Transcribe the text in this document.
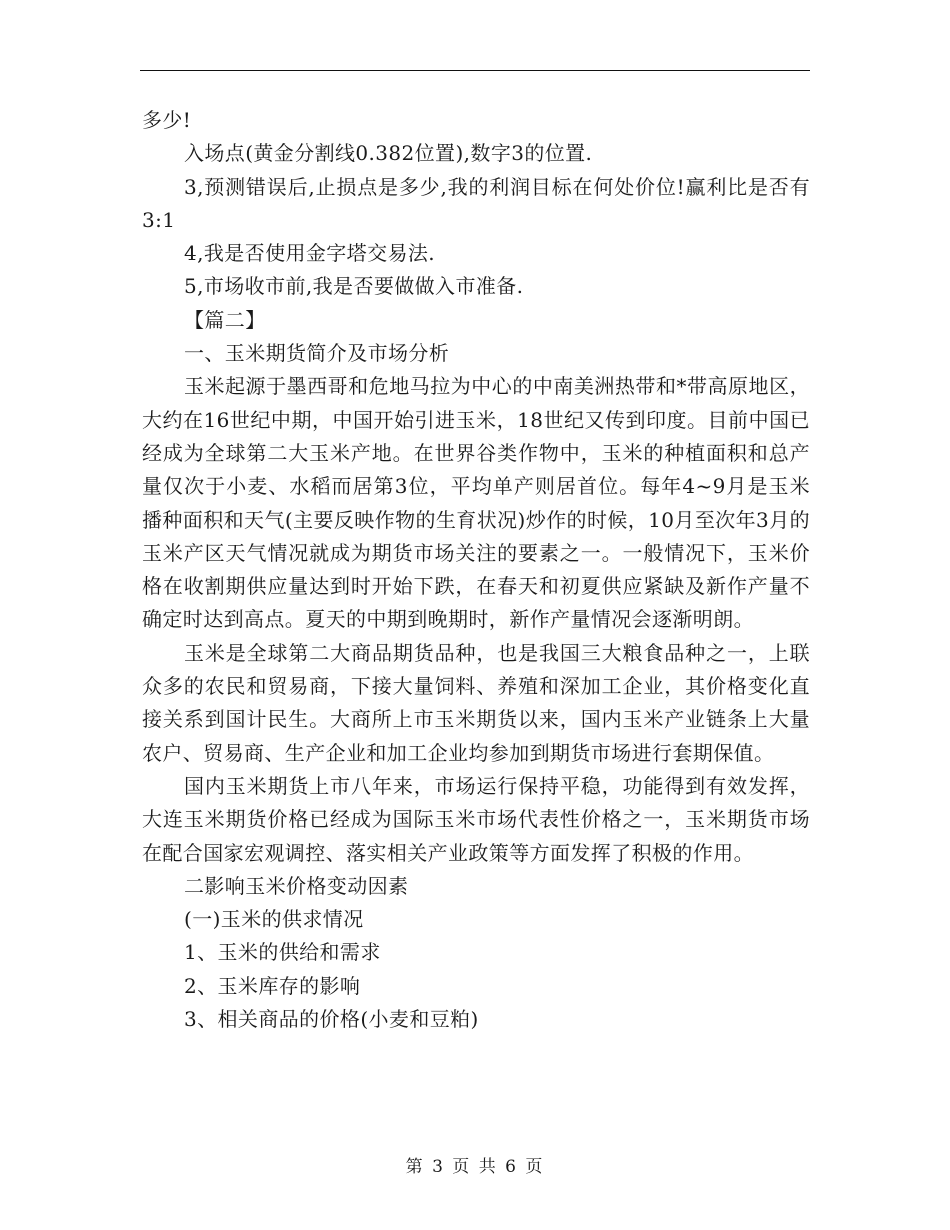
多少!

入场点(黄金分割线0.382位置),数字3的位置.

3,预测错误后,止损点是多少,我的利润目标在何处价位!赢利比是否有3:1

4,我是否使用金字塔交易法.

5,市场收市前,我是否要做做入市准备.

【篇二】

一、玉米期货简介及市场分析

玉米起源于墨西哥和危地马拉为中心的中南美洲热带和*带高原地区，大约在16世纪中期，中国开始引进玉米，18世纪又传到印度。目前中国已经成为全球第二大玉米产地。在世界谷类作物中，玉米的种植面积和总产量仅次于小麦、水稻而居第3位，平均单产则居首位。每年4~9月是玉米播种面积和天气(主要反映作物的生育状况)炒作的时候，10月至次年3月的玉米产区天气情况就成为期货市场关注的要素之一。一般情况下，玉米价格在收割期供应量达到时开始下跌，在春天和初夏供应紧缺及新作产量不确定时达到高点。夏天的中期到晚期时，新作产量情况会逐渐明朗。

玉米是全球第二大商品期货品种，也是我国三大粮食品种之一，上联众多的农民和贸易商，下接大量饲料、养殖和深加工企业，其价格变化直接关系到国计民生。大商所上市玉米期货以来，国内玉米产业链条上大量农户、贸易商、生产企业和加工企业均参加到期货市场进行套期保值。

国内玉米期货上市八年来，市场运行保持平稳，功能得到有效发挥，大连玉米期货价格已经成为国际玉米市场代表性价格之一，玉米期货市场在配合国家宏观调控、落实相关产业政策等方面发挥了积极的作用。

二影响玉米价格变动因素

(一)玉米的供求情况

1、玉米的供给和需求

2、玉米库存的影响

3、相关商品的价格(小麦和豆粕)

第 3 页 共 6 页
